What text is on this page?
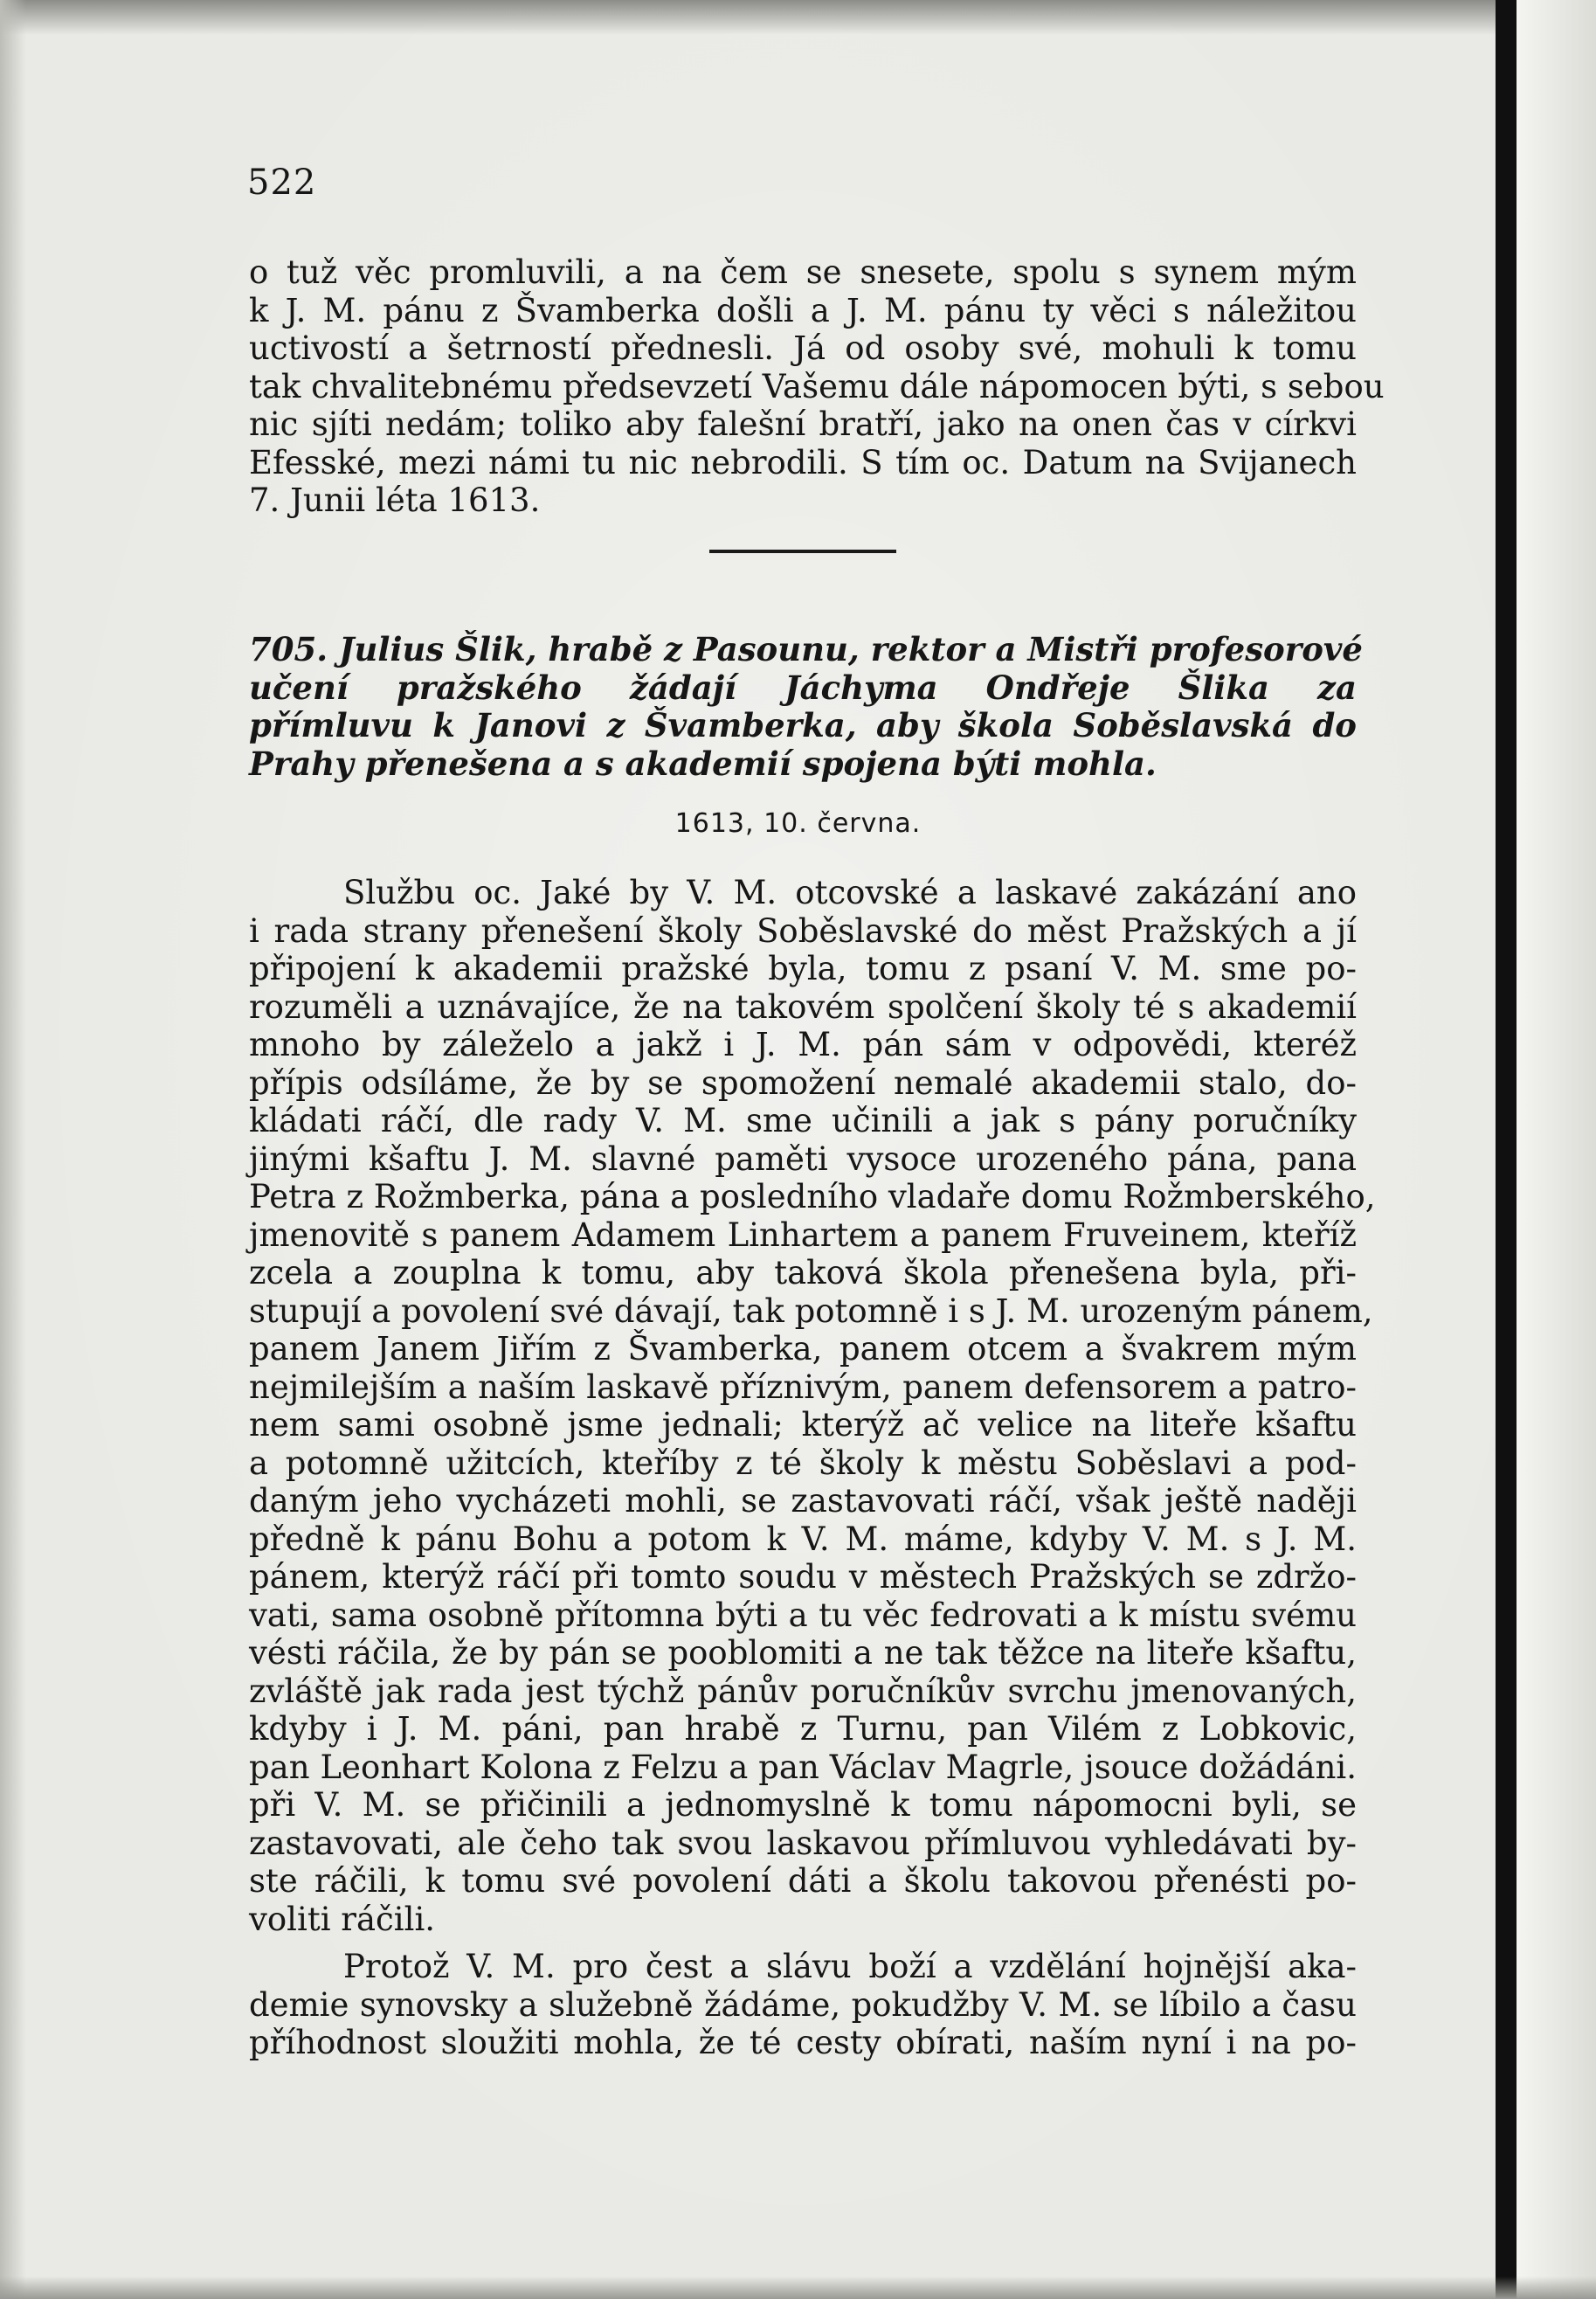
522
o tuž věc promluvili, a na čem se snesete, spolu s synem mým
k J. M. pánu z Švamberka došli a J. M. pánu ty věci s náležitou
uctivostí a šetrností přednesli. Já od osoby své, mohuli k tomu
tak chvalitebnému předsevzetí Vašemu dále nápomocen býti, s sebou
nic sjíti nedám; toliko aby falešní bratří, jako na onen čas v církvi
Efesské, mezi námi tu nic nebrodili. S tím oc. Datum na Svijanech
7. Junii léta 1613.
705. Julius Šlik, hrabě z Pasounu, rektor a Mistři profesorové
učení pražského žádají Jáchyma Ondřeje Šlika za
přímluvu k Janovi z Švamberka, aby škola Soběslavská do
Prahy přenešena a s akademií spojena býti mohla.
1613, 10. června.
Službu oc. Jaké by V. M. otcovské a laskavé zakázání ano
i rada strany přenešení školy Soběslavské do měst Pražských a jí
připojení k akademii pražské byla, tomu z psaní V. M. sme po-
rozuměli a uznávajíce, že na takovém spolčení školy té s akademií
mnoho by záleželo a jakž i J. M. pán sám v odpovědi, kteréž
přípis odsíláme, že by se spomožení nemalé akademii stalo, do-
kládati ráčí, dle rady V. M. sme učinili a jak s pány poručníky
jinými kšaftu J. M. slavné paměti vysoce urozeného pána, pana
Petra z Rožmberka, pána a posledního vladaře domu Rožmberského,
jmenovitě s panem Adamem Linhartem a panem Fruveinem, kteříž
zcela a zouplna k tomu, aby taková škola přenešena byla, při-
stupují a povolení své dávají, tak potomně i s J. M. urozeným pánem,
panem Janem Jiřím z Švamberka, panem otcem a švakrem mým
nejmilejším a naším laskavě příznivým, panem defensorem a patro-
nem sami osobně jsme jednali; kterýž ač velice na liteře kšaftu
a potomně užitcích, kteříby z té školy k městu Soběslavi a pod-
daným jeho vycházeti mohli, se zastavovati ráčí, však ještě naději
předně k pánu Bohu a potom k V. M. máme, kdyby V. M. s J. M.
pánem, kterýž ráčí při tomto soudu v městech Pražských se zdržo-
vati, sama osobně přítomna býti a tu věc fedrovati a k místu svému
vésti ráčila, že by pán se pooblomiti a ne tak těžce na liteře kšaftu,
zvláště jak rada jest týchž pánův poručníkův svrchu jmenovaných,
kdyby i J. M. páni, pan hrabě z Turnu, pan Vilém z Lobkovic,
pan Leonhart Kolona z Felzu a pan Václav Magrle, jsouce dožádáni.
při V. M. se přičinili a jednomyslně k tomu nápomocni byli, se
zastavovati, ale čeho tak svou laskavou přímluvou vyhledávati by-
ste ráčili, k tomu své povolení dáti a školu takovou přenésti po-
voliti ráčili.
Protož V. M. pro čest a slávu boží a vzdělání hojnější aka-
demie synovsky a služebně žádáme, pokudžby V. M. se líbilo a času
příhodnost sloužiti mohla, že té cesty obírati, naším nyní i na po-
